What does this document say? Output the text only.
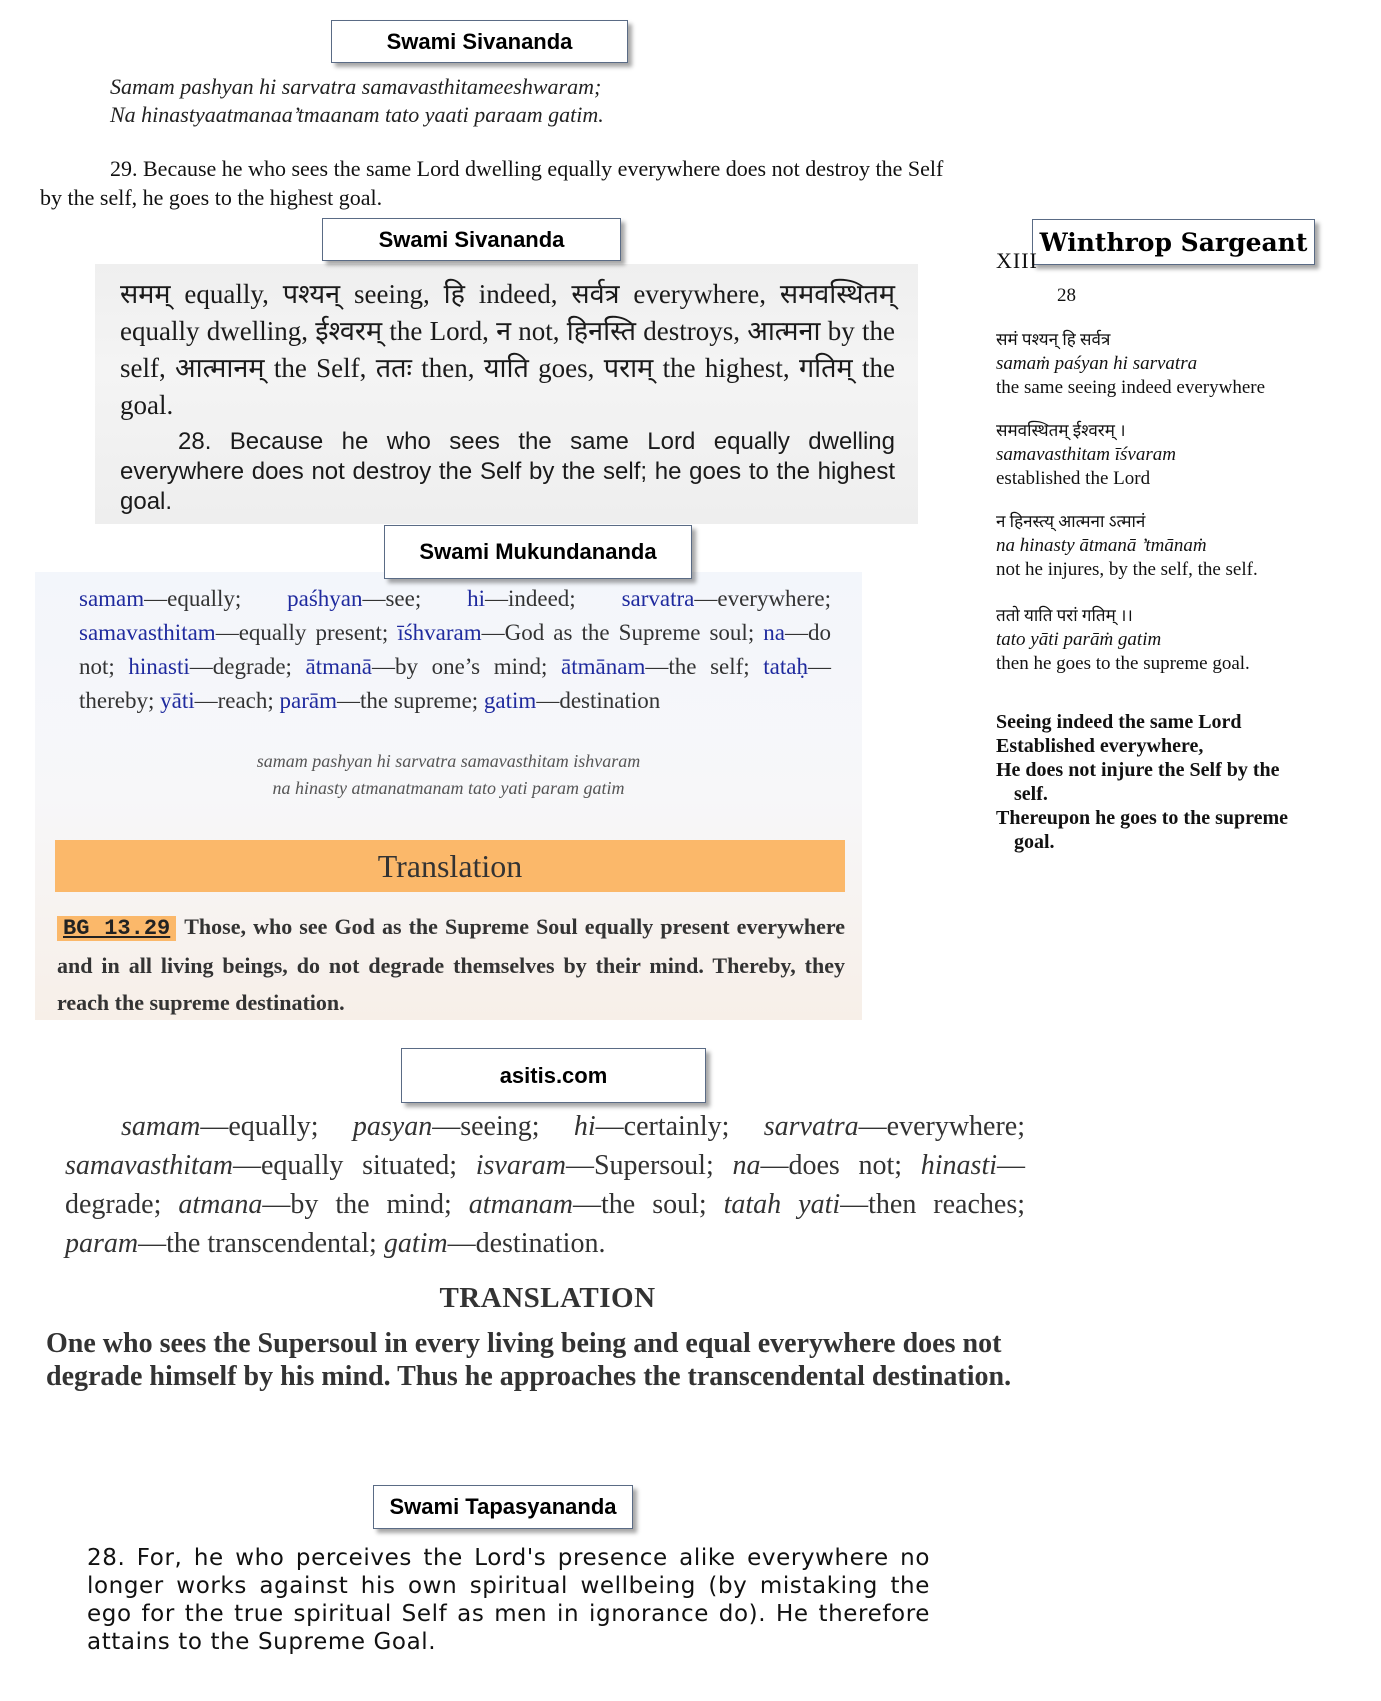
Swami Sivananda
Samam pashyan hi sarvatra samavasthitameeshwaram;
Na hinastyaatmanaa’tmaanam tato yaati paraam gatim.
29. Because he who sees the same Lord dwelling equally everywhere does not destroy the Self by the self, he goes to the highest goal.
समम् equally, पश्यन् seeing, हि indeed, सर्वत्र everywhere, समवस्थितम् equally dwelling, ईश्वरम् the Lord, न not, हिनस्ति destroys, आत्मना by the self, आत्मानम् the Self, ततः then, याति goes, पराम् the highest, गतिम् the goal.
28. Because he who sees the same Lord equally dwelling everywhere does not destroy the Self by the self; he goes to the highest goal.
Swami Sivananda	Winthrop Sargeant
XIII
28
समं पश्यन् हि सर्वत्र
samaṁ paśyan hi sarvatra
the same seeing indeed everywhere
समवस्थितम् ईश्वरम् ।
samavasthitam īśvaram
established the Lord
न हिनस्त्य् आत्मना ऽत्मानं
na hinasty ātmanā ’tmānaṁ
not he injures, by the self, the self.
ततो याति परां गतिम् ।।
tato yāti parāṁ gatim
then he goes to the supreme goal.
Seeing indeed the same Lord
Established everywhere,
He does not injure the Self by the
self.
Thereupon he goes to the supreme
goal.
samam—equally; paśhyan—see; hi—indeed; sarvatra—everywhere; samavasthitam—equally present; īśhvaram—God as the Supreme soul; na—do not; hinasti—degrade; ātmanā—by one’s mind; ātmānam—the self; tataḥ—thereby; yāti—reach; parām—the supreme; gatim—destination
samam pashyan hi sarvatra samavasthitam ishvaram
na hinasty atmanatmanam tato yati param gatim
Translation
BG 13.29 Those, who see God as the Supreme Soul equally present everywhere and in all living beings, do not degrade themselves by their mind. Thereby, they reach the supreme destination.
Swami Mukundananda
asitis.com
samam—equally; pasyan—seeing; hi—certainly; sarvatra—everywhere; samavasthitam—equally situated; isvaram—Supersoul; na—does not; hinasti—degrade; atmana—by the mind; atmanam—the soul; tatah yati—then reaches; param—the transcendental; gatim—destination.
TRANSLATION
One who sees the Supersoul in every living being and equal everywhere does not degrade himself by his mind. Thus he approaches the transcendental destination.
Swami Tapasyananda
28. For, he who perceives the Lord's presence alike everywhere no longer works against his own spiritual wellbeing (by mistaking the ego for the true spiritual Self as men in ignorance do). He therefore attains to the Supreme Goal.
